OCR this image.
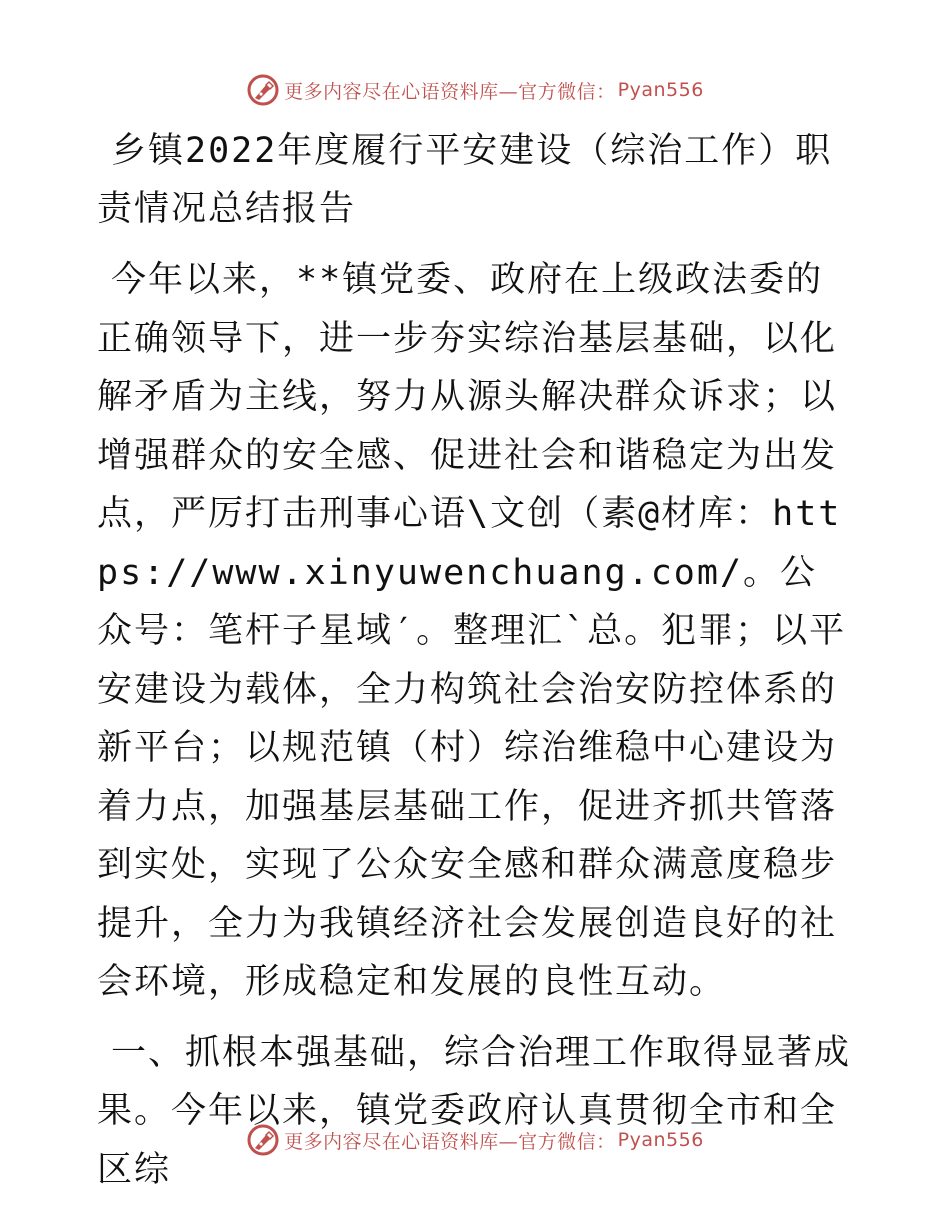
更多内容尽在心语资料库—官方微信： Pyan556
乡镇2022年度履行平安建设（综治工作）职责情况总结报告

今年以来，**镇党委、政府在上级政法委的正确领导下，进一步夯实综治基层基础，以化解矛盾为主线，努力从源头解决群众诉求；以增强群众的安全感、促进社会和谐稳定为出发点，严厉打击刑事心语\文创（素@材库：https://www.xinyuwenchuang.com/。公众号：笔杆子星域′。整理汇`总。犯罪；以平安建设为载体，全力构筑社会治安防控体系的新平台；以规范镇（村）综治维稳中心建设为着力点，加强基层基础工作，促进齐抓共管落到实处，实现了公众安全感和群众满意度稳步提升，全力为我镇经济社会发展创造良好的社会环境，形成稳定和发展的良性互动。

一、抓根本强基础，综合治理工作取得显著成果。今年以来，镇党委政府认真贯彻全市和全区综

更多内容尽在心语资料库—官方微信： Pyan556
